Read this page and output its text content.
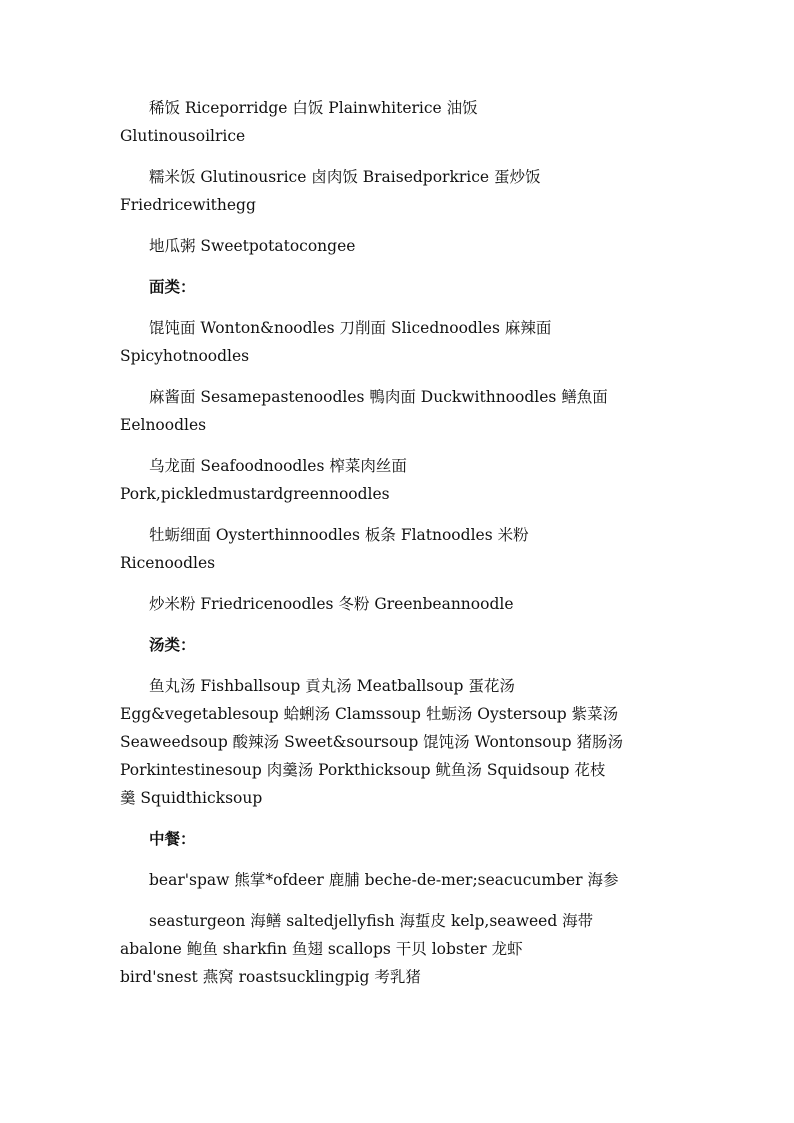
稀饭 Riceporridge 白饭 Plainwhiterice 油饭
Glutinousoilrice
糯米饭 Glutinousrice 卤肉饭 Braisedporkrice 蛋炒饭
Friedricewithegg
地瓜粥 Sweetpotatocongee
面类：
馄饨面 Wonton&noodles 刀削面 Slicednoodles 麻辣面
Spicyhotnoodles
麻酱面 Sesamepastenoodles 鴨肉面 Duckwithnoodles 鳝魚面
Eelnoodles
乌龙面 Seafoodnoodles 榨菜肉丝面
Pork,pickledmustardgreennoodles
牡蛎细面 Oysterthinnoodles 板条 Flatnoodles 米粉
Ricenoodles
炒米粉 Friedricenoodles 冬粉 Greenbeannoodle
汤类：
鱼丸汤 Fishballsoup 貢丸汤 Meatballsoup 蛋花汤
Egg&vegetablesoup 蛤蜊汤 Clamssoup 牡蛎汤 Oystersoup 紫菜汤
Seaweedsoup 酸辣汤 Sweet&soursoup 馄饨汤 Wontonsoup 猪肠汤
Porkintestinesoup 肉羹汤 Porkthicksoup 鱿鱼汤 Squidsoup 花枝
羹 Squidthicksoup
中餐：
bear'spaw 熊掌*ofdeer 鹿脯 beche-de-mer;seacucumber 海参
seasturgeon 海鳝 saltedjellyfish 海蜇皮 kelp,seaweed 海带
abalone 鲍鱼 sharkfin 鱼翅 scallops 干贝 lobster 龙虾
bird'snest 燕窝 roastsucklingpig 考乳猪
